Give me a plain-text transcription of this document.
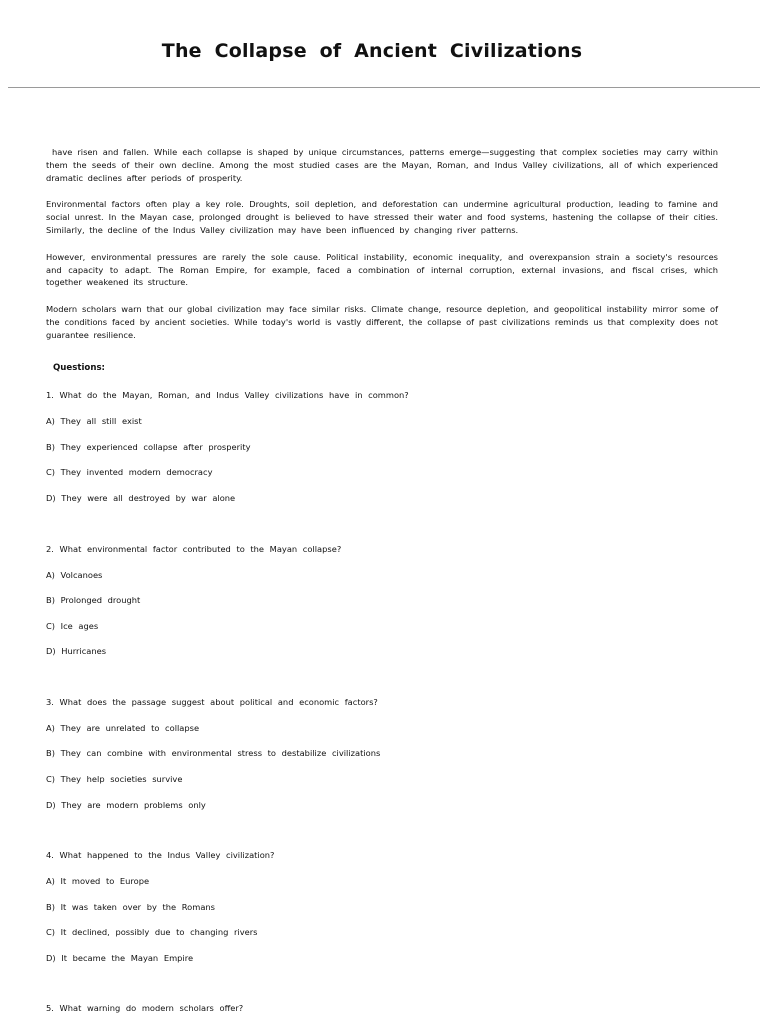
The Collapse of Ancient Civilizations

have risen and fallen. While each collapse is shaped by unique circumstances, patterns emerge—suggesting that complex societies may carry within them the seeds of their own decline. Among the most studied cases are the Mayan, Roman, and Indus Valley civilizations, all of which experienced dramatic declines after periods of prosperity.

Environmental factors often play a key role. Droughts, soil depletion, and deforestation can undermine agricultural production, leading to famine and social unrest. In the Mayan case, prolonged drought is believed to have stressed their water and food systems, hastening the collapse of their cities. Similarly, the decline of the Indus Valley civilization may have been influenced by changing river patterns.

However, environmental pressures are rarely the sole cause. Political instability, economic inequality, and overexpansion strain a society's resources and capacity to adapt. The Roman Empire, for example, faced a combination of internal corruption, external invasions, and fiscal crises, which together weakened its structure.

Modern scholars warn that our global civilization may face similar risks. Climate change, resource depletion, and geopolitical instability mirror some of the conditions faced by ancient societies. While today's world is vastly different, the collapse of past civilizations reminds us that complexity does not guarantee resilience.

Questions:
1. What do the Mayan, Roman, and Indus Valley civilizations have in common?
A) They all still exist
B) They experienced collapse after prosperity
C) They invented modern democracy
D) They were all destroyed by war alone
2. What environmental factor contributed to the Mayan collapse?
A) Volcanoes
B) Prolonged drought
C) Ice ages
D) Hurricanes
3. What does the passage suggest about political and economic factors?
A) They are unrelated to collapse
B) They can combine with environmental stress to destabilize civilizations
C) They help societies survive
D) They are modern problems only
4. What happened to the Indus Valley civilization?
A) It moved to Europe
B) It was taken over by the Romans
C) It declined, possibly due to changing rivers
D) It became the Mayan Empire
5. What warning do modern scholars offer?
